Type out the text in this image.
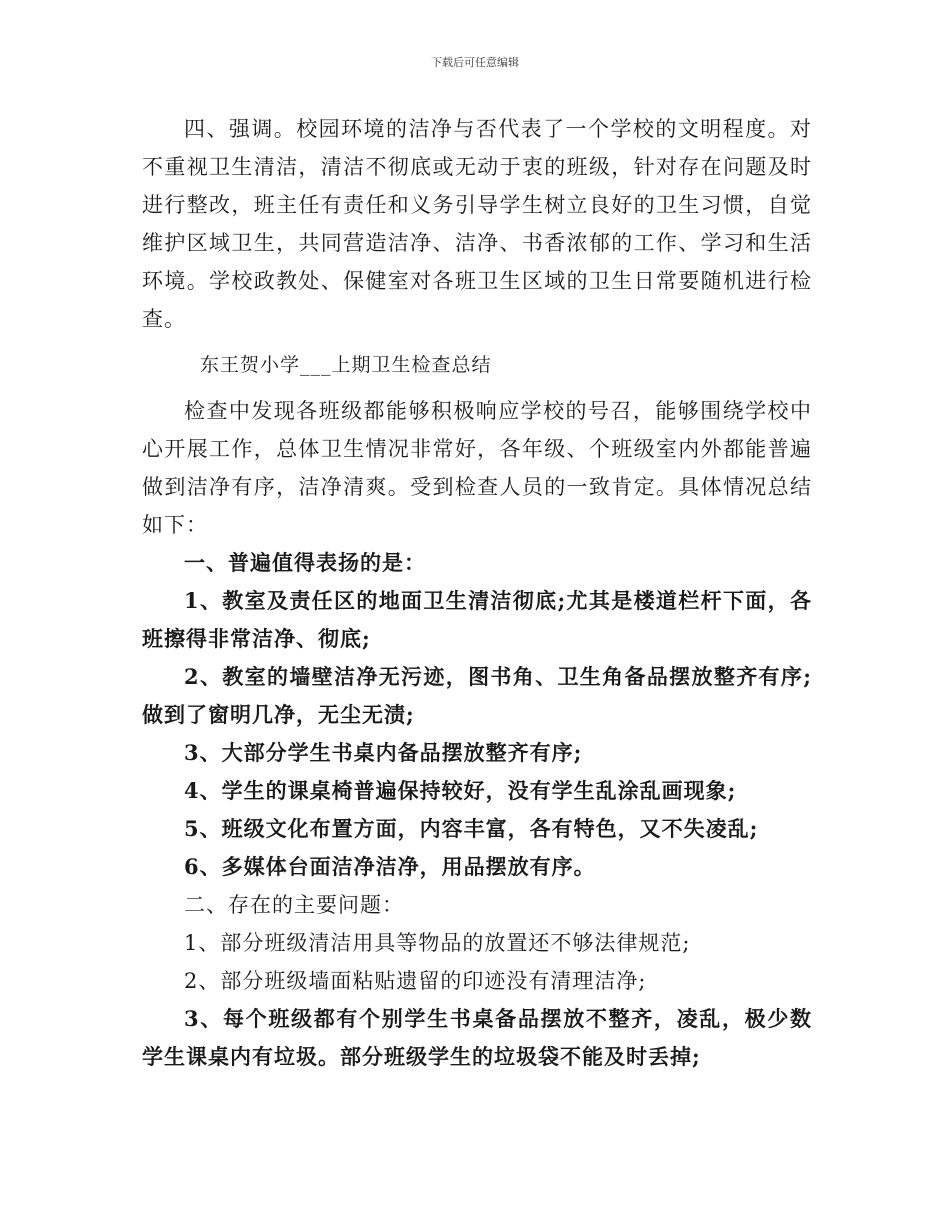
下载后可任意编辑

四、强调。校园环境的洁净与否代表了一个学校的文明程度。对不重视卫生清洁，清洁不彻底或无动于衷的班级，针对存在问题及时进行整改，班主任有责任和义务引导学生树立良好的卫生习惯，自觉维护区域卫生，共同营造洁净、洁净、书香浓郁的工作、学习和生活环境。学校政教处、保健室对各班卫生区域的卫生日常要随机进行检查。

东王贺小学___上期卫生检查总结

检查中发现各班级都能够积极响应学校的号召，能够围绕学校中心开展工作，总体卫生情况非常好，各年级、个班级室内外都能普遍做到洁净有序，洁净清爽。受到检查人员的一致肯定。具体情况总结如下：

一、普遍值得表扬的是：

1、教室及责任区的地面卫生清洁彻底;尤其是楼道栏杆下面，各班擦得非常洁净、彻底;

2、教室的墙壁洁净无污迹，图书角、卫生角备品摆放整齐有序;做到了窗明几净，无尘无渍;

3、大部分学生书桌内备品摆放整齐有序;

4、学生的课桌椅普遍保持较好，没有学生乱涂乱画现象;

5、班级文化布置方面，内容丰富，各有特色，又不失凌乱;

6、多媒体台面洁净洁净，用品摆放有序。

二、存在的主要问题：

1、部分班级清洁用具等物品的放置还不够法律规范;

2、部分班级墙面粘贴遗留的印迹没有清理洁净;

3、每个班级都有个别学生书桌备品摆放不整齐，凌乱，极少数学生课桌内有垃圾。部分班级学生的垃圾袋不能及时丢掉;
